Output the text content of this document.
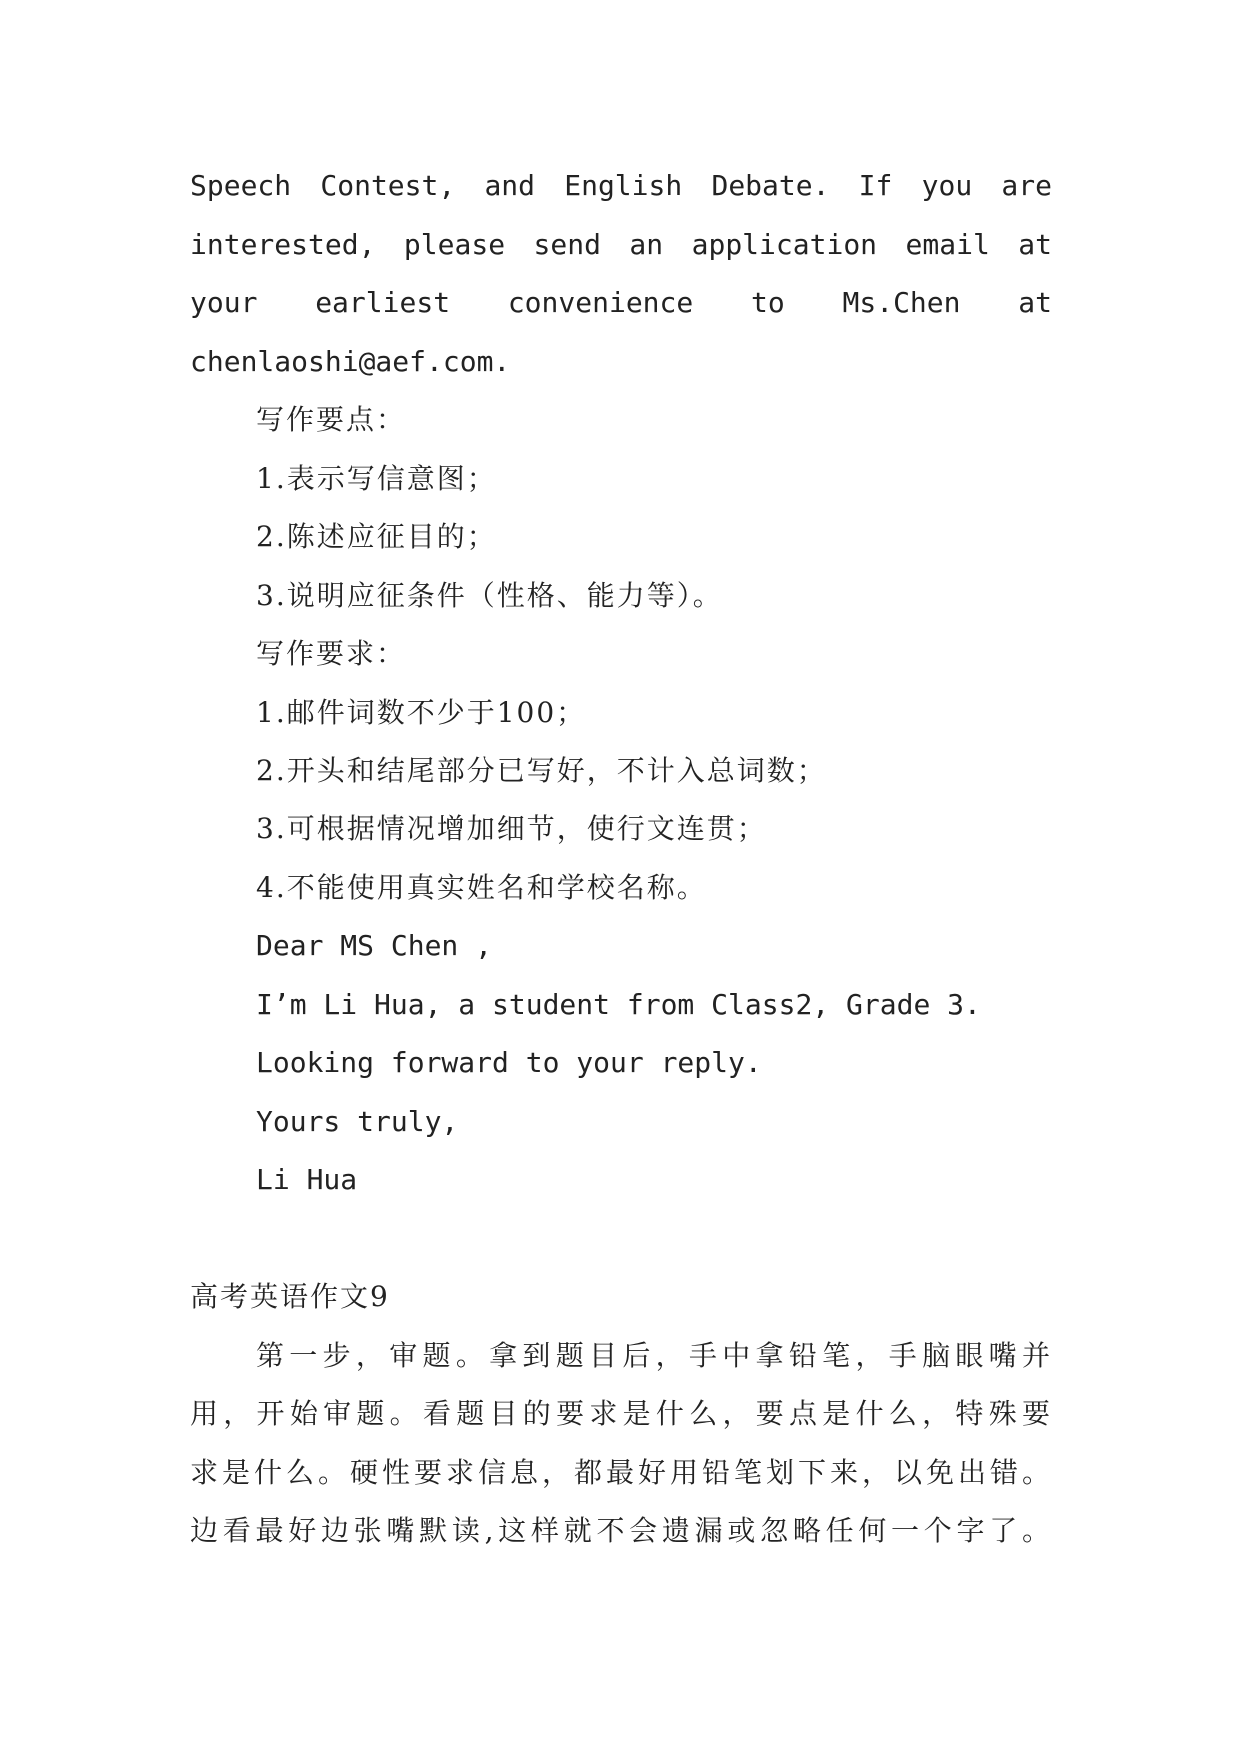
Speech Contest, and English Debate. If you are
interested, please send an application email at
your earliest convenience to Ms.Chen at
chenlaoshi@aef.com.
写作要点：
1.表示写信意图；
2.陈述应征目的；
3.说明应征条件（性格、能力等）。
写作要求：
1.邮件词数不少于100；
2.开头和结尾部分已写好，不计入总词数；
3.可根据情况增加细节，使行文连贯；
4.不能使用真实姓名和学校名称。
Dear MS Chen ,
I’m Li Hua, a student from Class2, Grade 3.
Looking forward to your reply.
Yours truly,
Li Hua
高考英语作文9
第一步，审题。拿到题目后，手中拿铅笔，手脑眼嘴并
用，开始审题。看题目的要求是什么，要点是什么，特殊要
求是什么。硬性要求信息，都最好用铅笔划下来，以免出错。
边看最好边张嘴默读,这样就不会遗漏或忽略任何一个字了。
